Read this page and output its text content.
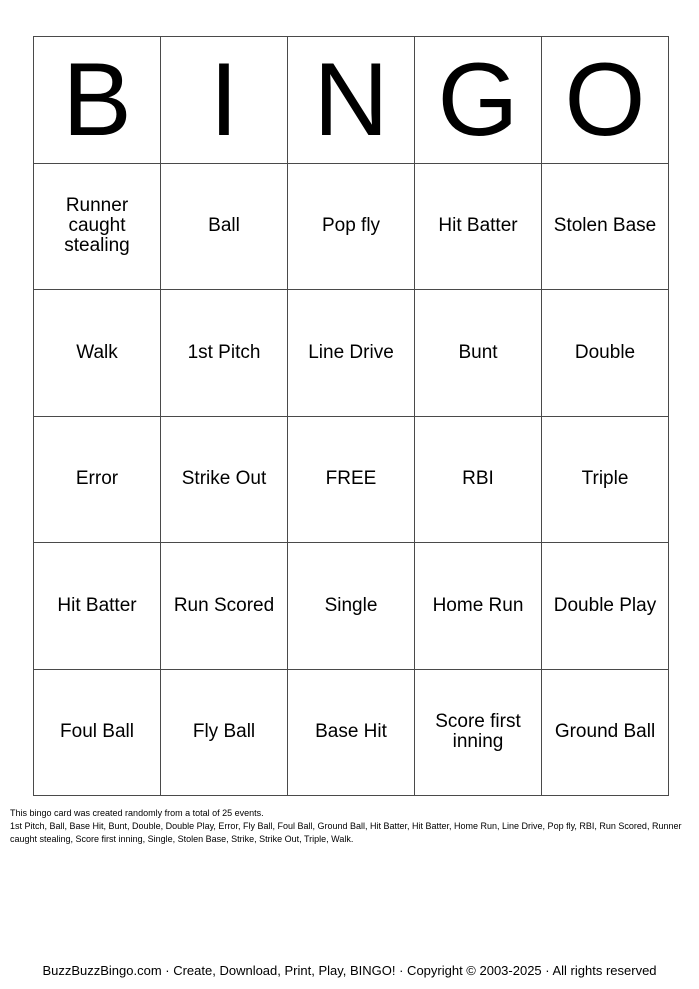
B	I	N	G	O
Runner caught stealing	Ball	Pop fly	Hit Batter	Stolen Base
Walk	1st Pitch	Line Drive	Bunt	Double
Error	Strike Out	FREE	RBI	Triple
Hit Batter	Run Scored	Single	Home Run	Double Play
Foul Ball	Fly Ball	Base Hit	Score first inning	Ground Ball
This bingo card was created randomly from a total of 25 events.
1st Pitch, Ball, Base Hit, Bunt, Double, Double Play, Error, Fly Ball, Foul Ball, Ground Ball, Hit Batter, Hit Batter, Home Run, Line Drive, Pop fly, RBI, Run Scored, Runner caught stealing, Score first inning, Single, Stolen Base, Strike, Strike Out, Triple, Walk.
BuzzBuzzBingo.com · Create, Download, Print, Play, BINGO! · Copyright © 2003-2025 · All rights reserved
